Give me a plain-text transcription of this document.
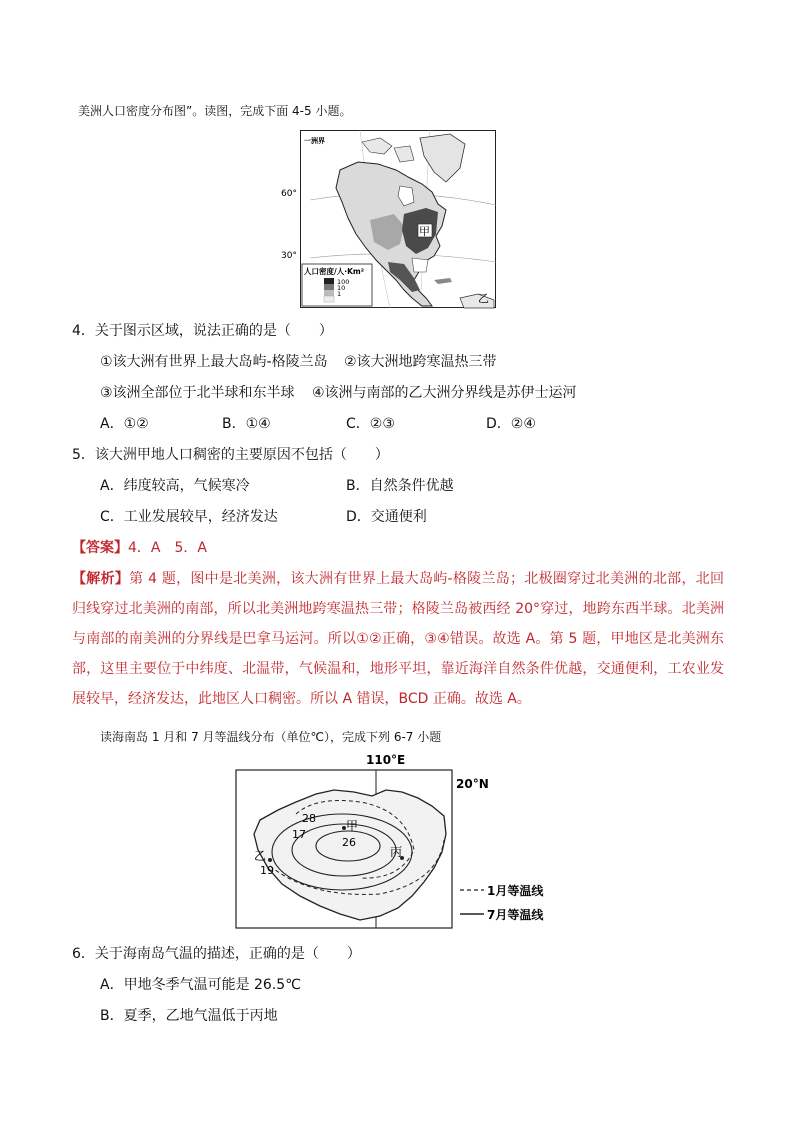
美洲人口密度分布图”。读图，完成下面 4-5 小题。
一洲界
60°
30°
甲
乙
人口密度/人·Km²
100
10
1
4．关于图示区域，说法正确的是（　　）
①该大洲有世界上最大岛屿-格陵兰岛 ②该大洲地跨寒温热三带
③该洲全部位于北半球和东半球 ④该洲与南部的乙大洲分界线是苏伊士运河
A．①②	B．①④	C．②③	D．②④
5．该大洲甲地人口稠密的主要原因不包括（　　）
A．纬度较高，气候寒冷	B．自然条件优越
C．工业发展较早，经济发达	D．交通便利
【答案】4．A　5．A
【解析】第 4 题，图中是北美洲，该大洲有世界上最大岛屿-格陵兰岛；北极圈穿过北美洲的北部，北回归线穿过北美洲的南部，所以北美洲地跨寒温热三带；格陵兰岛被西经 20°穿过，地跨东西半球。北美洲与南部的南美洲的分界线是巴拿马运河。所以①②正确，③④错误。故选 A。第 5 题，甲地区是北美洲东部，这里主要位于中纬度、北温带，气候温和，地形平坦，靠近海洋自然条件优越，交通便利，工农业发展较早，经济发达，此地区人口稠密。所以 A 错误，BCD 正确。故选 A。
读海南岛 1 月和 7 月等温线分布（单位℃），完成下列 6-7 小题
110°E
20°N
甲
28
17
26
乙
19
丙
1月等温线
7月等温线
6．关于海南岛气温的描述，正确的是（　　）
A．甲地冬季气温可能是 26.5℃
B．夏季，乙地气温低于丙地
